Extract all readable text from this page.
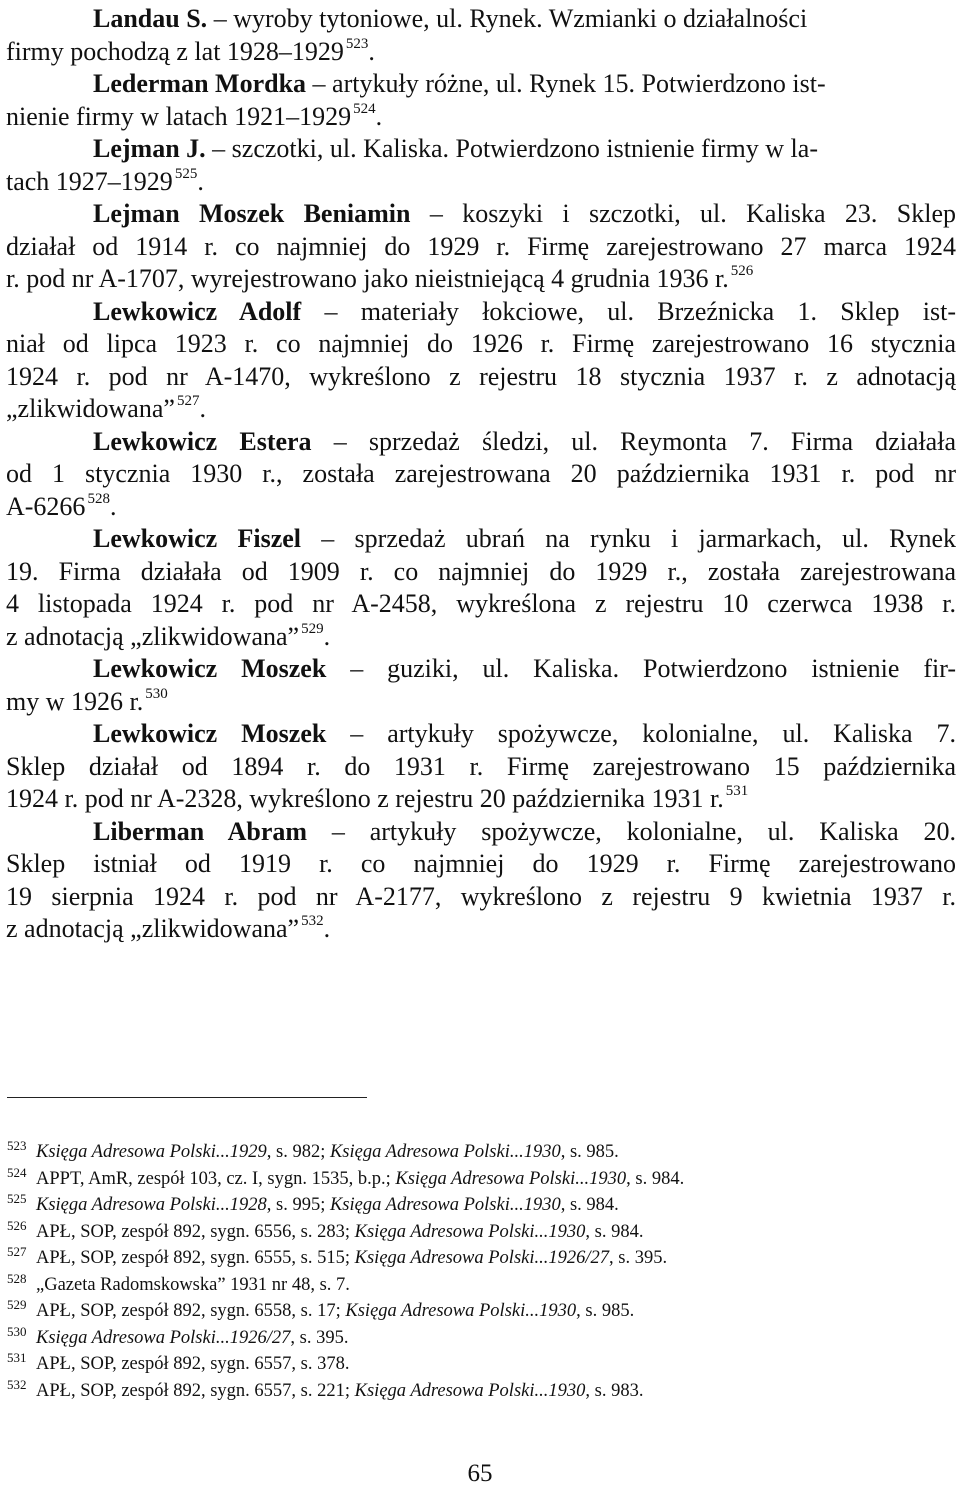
Landau S. – wyroby tytoniowe, ul. Rynek. Wzmianki o działalności
firmy pochodzą z lat 1928–1929 $^{523}$.
Lederman Mordka – artykuły różne, ul. Rynek 15. Potwierdzono ist-
nienie firmy w latach 1921–1929 $^{524}$.
Lejman J. – szczotki, ul. Kaliska. Potwierdzono istnienie firmy w la-
tach 1927–1929 $^{525}$.
Lejman Moszek Beniamin – koszyki i szczotki, ul. Kaliska 23. Sklep
działał od 1914 r. co najmniej do 1929 r. Firmę zarejestrowano 27 marca 1924
r. pod nr A-1707, wyrejestrowano jako nieistniejącą 4 grudnia 1936 r. $^{526}$
Lewkowicz Adolf – materiały łokciowe, ul. Brzeźnicka 1. Sklep ist-
niał od lipca 1923 r. co najmniej do 1926 r. Firmę zarejestrowano 16 stycznia
1924 r. pod nr A-1470, wykreślono z rejestru 18 stycznia 1937 r. z adnotacją
„zlikwidowana” $^{527}$.
Lewkowicz Estera – sprzedaż śledzi, ul. Reymonta 7. Firma działała
od 1 stycznia 1930 r., została zarejestrowana 20 października 1931 r. pod nr
A-6266 $^{528}$.
Lewkowicz Fiszel – sprzedaż ubrań na rynku i jarmarkach, ul. Rynek
19. Firma działała od 1909 r. co najmniej do 1929 r., została zarejestrowana
4 listopada 1924 r. pod nr A-2458, wykreślona z rejestru 10 czerwca 1938 r.
z adnotacją „zlikwidowana” $^{529}$.
Lewkowicz Moszek – guziki, ul. Kaliska. Potwierdzono istnienie fir-
my w 1926 r. $^{530}$
Lewkowicz Moszek – artykuły spożywcze, kolonialne, ul. Kaliska 7.
Sklep działał od 1894 r. do 1931 r. Firmę zarejestrowano 15 października
1924 r. pod nr A-2328, wykreślono z rejestru 20 października 1931 r. $^{531}$
Liberman Abram – artykuły spożywcze, kolonialne, ul. Kaliska 20.
Sklep istniał od 1919 r. co najmniej do 1929 r. Firmę zarejestrowano
19 sierpnia 1924 r. pod nr A-2177, wykreślono z rejestru 9 kwietnia 1937 r.
z adnotacją „zlikwidowana” $^{532}$.
523 Księga Adresowa Polski...1929, s. 982; Księga Adresowa Polski...1930, s. 985.
524 APPT, AmR, zespół 103, cz. I, sygn. 1535, b.p.; Księga Adresowa Polski...1930, s. 984.
525 Księga Adresowa Polski...1928, s. 995; Księga Adresowa Polski...1930, s. 984.
526 APŁ, SOP, zespół 892, sygn. 6556, s. 283; Księga Adresowa Polski...1930, s. 984.
527 APŁ, SOP, zespół 892, sygn. 6555, s. 515; Księga Adresowa Polski...1926/27, s. 395.
528 „Gazeta Radomskowska” 1931 nr 48, s. 7.
529 APŁ, SOP, zespół 892, sygn. 6558, s. 17; Księga Adresowa Polski...1930, s. 985.
530 Księga Adresowa Polski...1926/27, s. 395.
531 APŁ, SOP, zespół 892, sygn. 6557, s. 378.
532 APŁ, SOP, zespół 892, sygn. 6557, s. 221; Księga Adresowa Polski...1930, s. 983.
65
